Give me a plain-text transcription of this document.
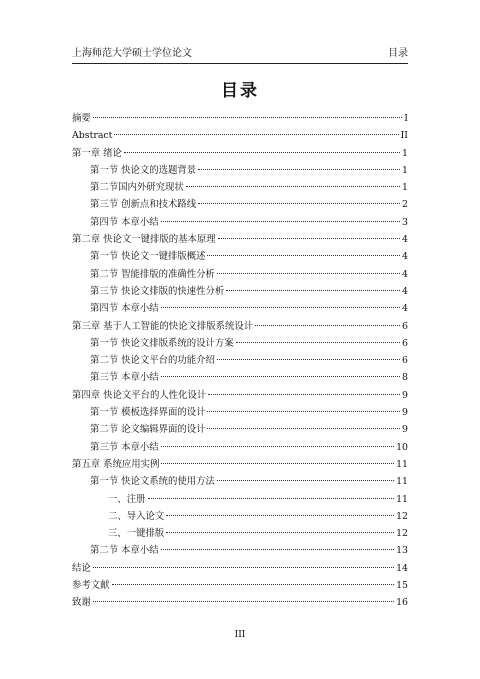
上海师范大学硕士学位论文	目录
目录
摘要	I
Abstract	II
第一章 绪论	1
第一节 快论文的选题背景	1
第二节国内外研究现状	1
第三节 创新点和技术路线	2
第四节 本章小结	3
第二章 快论文一键排版的基本原理	4
第一节 快论文一键排版概述	4
第二节 智能排版的准确性分析	4
第三节 快论文排版的快速性分析	4
第四节 本章小结	4
第三章 基于人工智能的快论文排版系统设计	6
第一节 快论文排版系统的设计方案	6
第二节 快论文平台的功能介绍	6
第三节 本章小结	8
第四章 快论文平台的人性化设计	9
第一节 模板选择界面的设计	9
第二节 论文编辑界面的设计	9
第三节 本章小结	10
第五章 系统应用实例	11
第一节 快论文系统的使用方法	11
一、注册	11
二、导入论文	12
三、一键排版	12
第二节 本章小结	13
结论	14
参考文献	15
致谢	16
III
